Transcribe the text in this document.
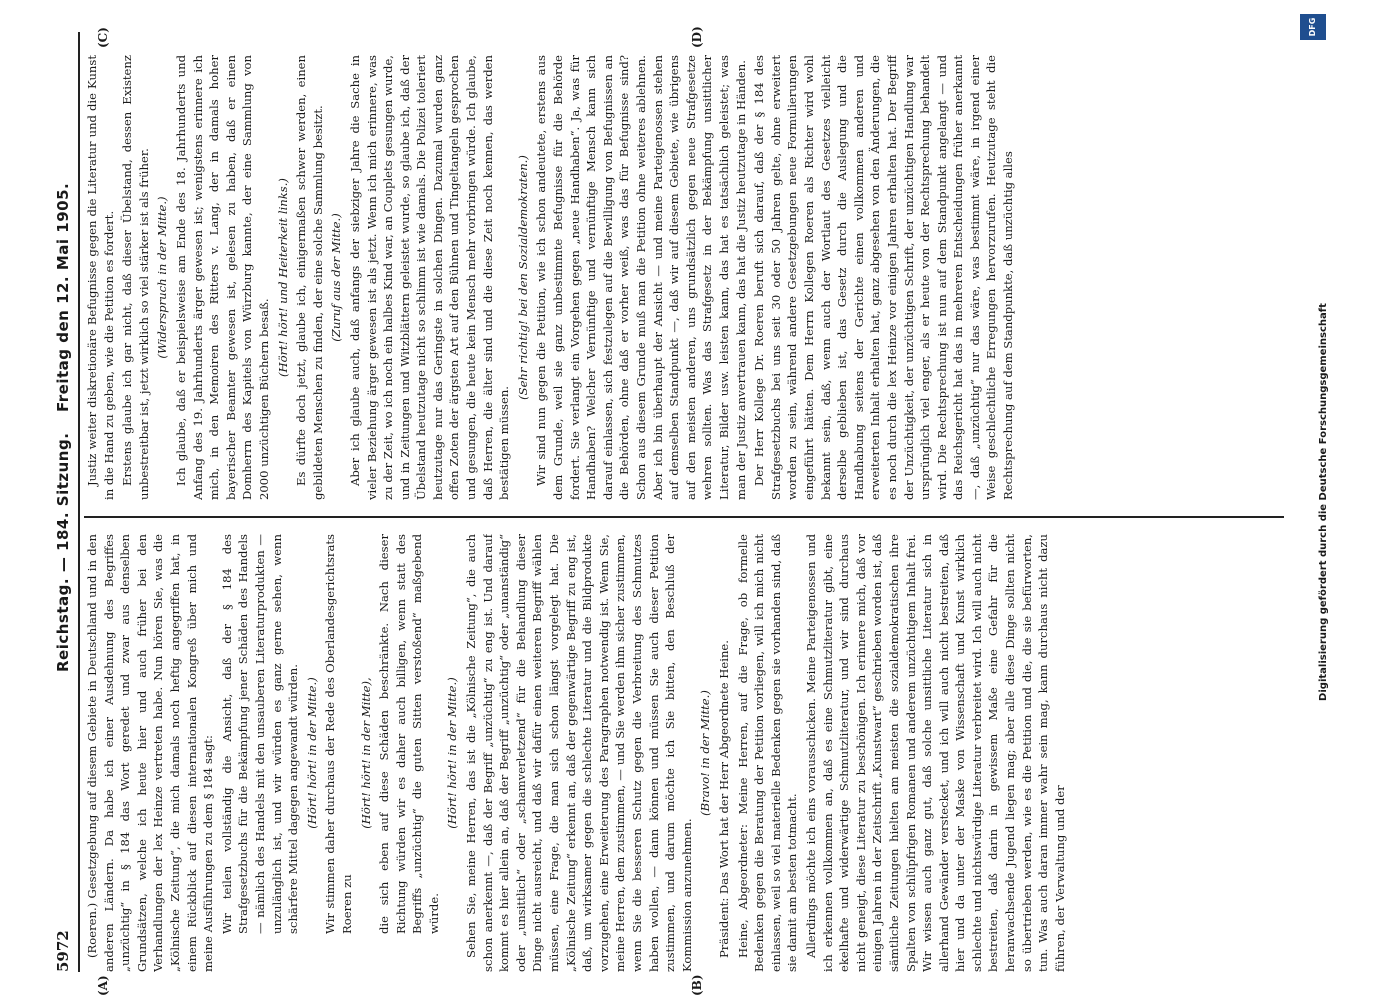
5972
Reichstag. — 184. Sitzung.
Freitag den 12. Mai 1905.
(A)	(B)
(C)	(D)

(Roeren.) Gesetzgebung auf diesem Gebiete in Deutschland und in den anderen Ländern. Da habe ich einer Ausdehnung des Begriffes „unzüchtig“ in § 184 das Wort geredet und zwar aus denselben Grundsätzen, welche ich heute hier und auch früher bei den Verhandlungen der lex Heinze vertreten habe. Nun hören Sie, was die „Kölnische Zeitung“, die mich damals noch heftig angegriffen hat, in einem Rückblick auf diesen internationalen Kongreß über mich und meine Ausführungen zu dem § 184 sagt: Wir teilen vollständig die Ansicht, daß der § 184 des Strafgesetzbuchs für die Bekämpfung jener Schäden des Handels — nämlich des Handels mit den unsauberen Literaturprodukten — unzulänglich ist, und wir würden es ganz gerne sehen, wenn schärfere Mittel dagegen angewandt würden. (Hört! hört! in der Mitte.) Wir stimmen daher durchaus der Rede des Oberlandesgerichtsrats Roeren zu

(Hört! hört! in der Mitte), die sich eben auf diese Schäden beschränkte. Nach dieser Richtung würden wir es daher auch billigen, wenn statt des Begriffs „unzüchtig“ die guten Sitten verstoßend“ maßgebend würde.

(Hört! hört! in der Mitte.) Sehen Sie, meine Herren, das ist die „Kölnische Zeitung“, die auch schon anerkennt —, daß der Begriff „unzüchtig“ zu eng ist. Und darauf kommt es hier allein an, daß der Begriff „unzüchtig“ oder „unanständig“ oder „unsittlich“ oder „schamverletzend“ für die Behandlung dieser Dinge nicht ausreicht, und daß wir dafür einen weiteren Begriff wählen müssen, eine Frage, die man sich schon längst vorgelegt hat. Die „Kölnische Zeitung“ erkennt an, daß der gegenwärtige Begriff zu eng ist, daß, um wirksamer gegen die schlechte Literatur und die Bildprodukte vorzugehen, eine Erweiterung des Paragraphen notwendig ist. Wenn Sie, meine Herren, dem zustimmen, — und Sie werden ihm sicher zustimmen, wenn Sie die besseren Schutz gegen die Verbreitung des Schmutzes haben wollen, — dann können und müssen Sie auch dieser Petition zustimmen, und darum möchte ich Sie bitten, den Beschluß der Kommission anzunehmen.

(Bravo! in der Mitte.) Präsident: Das Wort hat der Herr Abgeordnete Heine. Heine, Abgeordneter: Meine Herren, auf die Frage, ob formelle Bedenken gegen die Beratung der Petition vorliegen, will ich mich nicht einlassen, weil so viel materielle Bedenken gegen sie vorhanden sind, daß sie damit am besten totmacht. Allerdings möchte ich eins vorausschicken. Meine Parteigenossen und ich erkennen vollkommen an, daß es eine Schmutzliteratur gibt, eine ekelhafte und widerwärtige Schmutzliteratur, und wir sind durchaus nicht geneigt, diese Literatur zu beschönigen. Ich erinnere mich, daß vor einigen Jahren in der Zeitschrift „Kunstwart“ geschrieben worden ist, daß sämtliche Zeitungen hielten am meisten die sozialdemokratischen ihre Spalten von schlüpfrigen Romanen und anderem unzüchtigem Inhalt frei. Wir wissen auch ganz gut, daß solche unsittliche Literatur sich in allerhand Gewänder verstecket, und ich will auch nicht bestreiten, daß hier und da unter der Maske von Wissenschaft und Kunst wirklich schlechte und nichtswürdige Literatur verbreitet wird. Ich will auch nicht bestreiten, daß darin in gewissem Maße eine Gefahr für die heranwachsende Jugend liegen mag; aber alle diese Dinge sollten nicht so übertrieben werden, wie es die Petition und die, die sie befürworten, tun. Was auch daran immer wahr sein mag, kann durchaus nicht dazu führen, der Verwaltung und der

Justiz weiter diskretionäre Befugnisse gegen die Literatur und die Kunst in die Hand zu geben, wie die Petition es fordert. Erstens glaube ich gar nicht, daß dieser Übelstand, dessen Existenz unbestreitbar ist, jetzt wirklich so viel stärker ist als früher. (Widerspruch in der Mitte.) Ich glaube, daß er beispielsweise am Ende des 18. Jahrhunderts und Anfang des 19. Jahrhunderts ärger gewesen ist; wenigstens erinnere ich mich, in den Memoiren des Ritters v. Lang, der in damals hoher bayerischer Beamter gewesen ist, gelesen zu haben, daß er einen Domherrn des Kapitels von Würzburg kannte, der eine Sammlung von 2000 unzüchtigen Büchern besaß.

(Hört! hört! und Heiterkeit links.) Es dürfte doch jetzt, glaube ich, einigermaßen schwer werden, einen gebildeten Menschen zu finden, der eine solche Sammlung besitzt. (Zuruf aus der Mitte.) Aber ich glaube auch, daß anfangs der siebziger Jahre die Sache in vieler Beziehung ärger gewesen ist als jetzt. Wenn ich mich erinnere, was zu der Zeit, wo ich noch ein halbes Kind war, an Couplets gesungen wurde, und in Zeitungen und Witzblättern geleistet wurde, so glaube ich, daß der Übelstand heutzutage nicht so schlimm ist wie damals. Die Polizei toleriert heutzutage nur das Geringste in solchen Dingen. Dazumal wurden ganz offen Zoten der ärgsten Art auf den Bühnen und Tingeltangeln gesprochen und gesungen, die heute kein Mensch mehr vorbringen würde. Ich glaube, daß Herren, die älter sind und die diese Zeit noch kennen, das werden bestätigen müssen.

(Sehr richtig! bei den Sozialdemokraten.) Wir sind nun gegen die Petition, wie ich schon andeutete, erstens aus dem Grunde, weil sie ganz unbestimmte Befugnisse für die Behörde fordert. Sie verlangt ein Vorgehen gegen „neue Handhaben“. Ja, was für Handhaben? Welcher Vernünftige und vernünftige Mensch kann sich darauf einlassen, sich festzulegen auf die Bewilligung von Befugnissen an die Behörden, ohne daß er vorher weiß, was das für Befugnisse sind? Schon aus diesem Grunde muß man die Petition ohne weiteres ablehnen. Aber ich bin überhaupt der Ansicht — und meine Parteigenossen stehen auf demselben Standpunkt —, daß wir auf diesem Gebiete, wie übrigens auf den meisten anderen, uns grundsätzlich gegen neue Strafgesetze wehren sollten. Was das Strafgesetz in der Bekämpfung unsittlicher Literatur, Bilder usw. leisten kann, das hat es tatsächlich geleistet; was man der Justiz anvertrauen kann, das hat die Justiz heutzutage in Händen. Der Herr Kollege Dr. Roeren beruft sich darauf, daß der § 184 des Strafgesetzbuchs bei uns seit 30 oder 50 Jahren gelte, ohne erweitert worden zu sein, während andere Gesetzgebungen neue Formulierungen eingeführt hätten. Dem Herrn Kollegen Roeren als Richter wird wohl bekannt sein, daß, wenn auch der Wortlaut des Gesetzes vielleicht derselbe geblieben ist, das Gesetz durch die Auslegung und die Handhabung seitens der Gerichte einen vollkommen anderen und erweiterten Inhalt erhalten hat, ganz abgesehen von den Änderungen, die es noch durch die lex Heinze vor einigen Jahren erhalten hat. Der Begriff der Unzüchtigkeit, der unzüchtigen Schrift, der unzüchtigen Handlung war ursprünglich viel enger, als er heute von der Rechtsprechung behandelt wird. Die Rechtsprechung ist nun auf dem Standpunkt angelangt — und das Reichsgericht hat das in mehreren Entscheidungen früher anerkannt —, daß „unzüchtig“ nur das wäre, was bestimmt wäre, in irgend einer Weise geschlechtliche Erregungen hervorzurufen. Heutzutage steht die Rechtsprechung auf dem Standpunkte, daß unzüchtig alles	Digitalisierung gefördert durch die Deutsche Forschungsgemeinschaft
DFG
